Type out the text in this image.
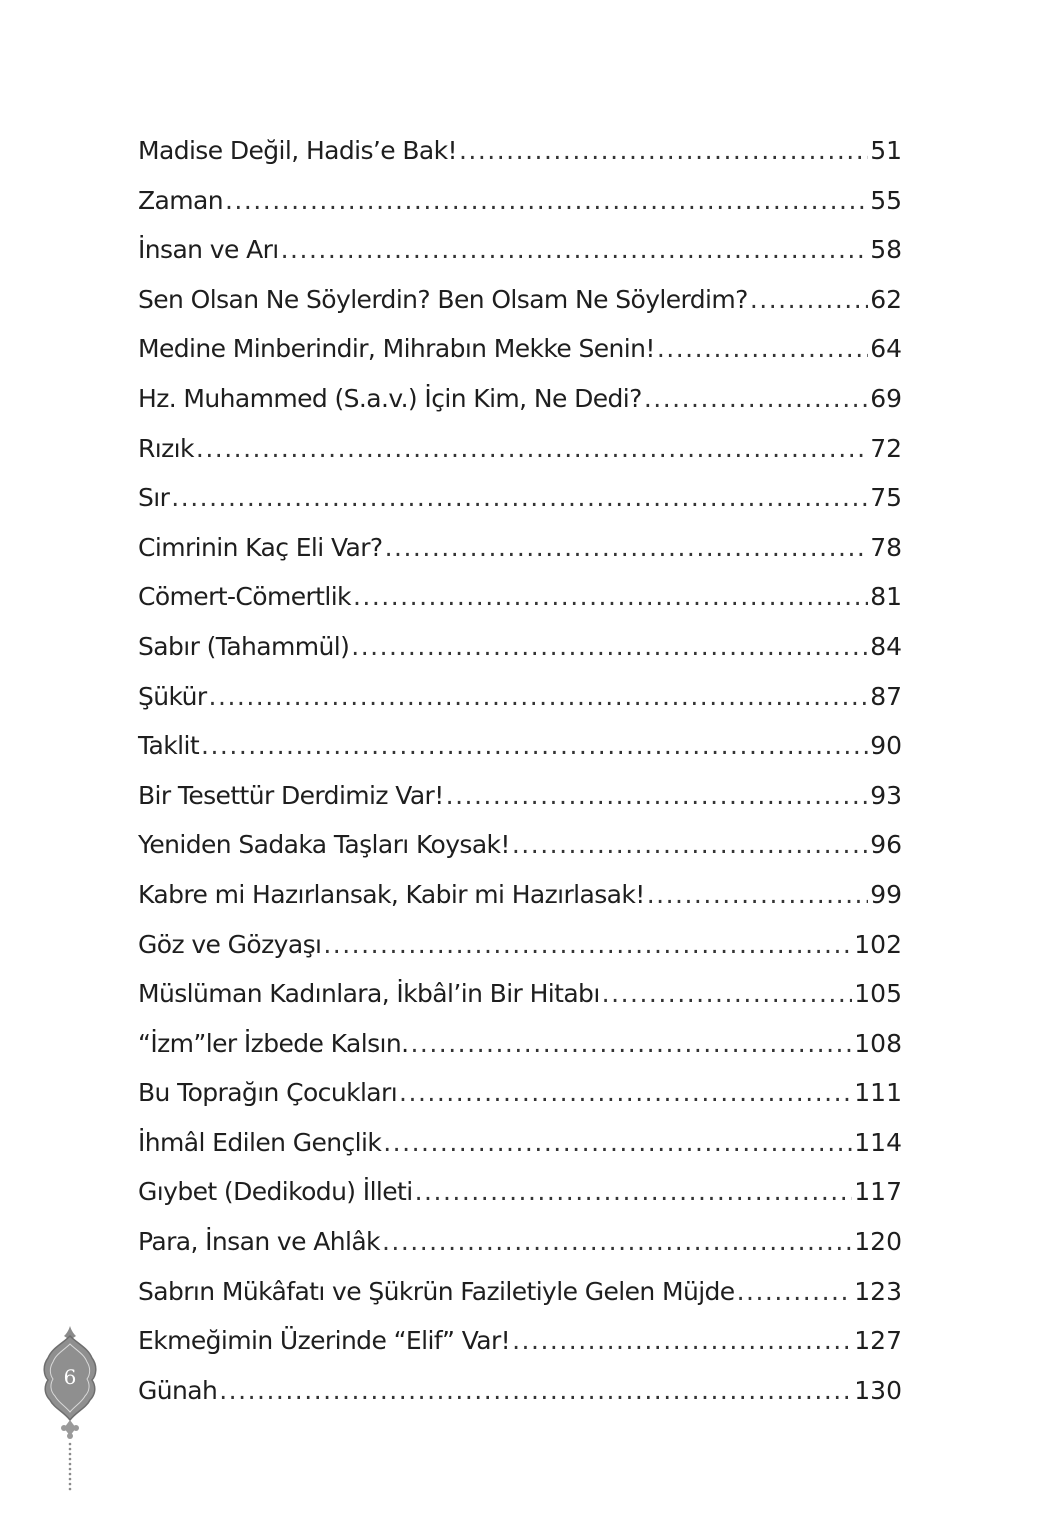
Madise Değil, Hadis’e Bak! .....	51
Zaman .....	55
İnsan ve Arı .....	58
Sen Olsan Ne Söylerdin? Ben Olsam Ne Söylerdim? .....	62
Medine Minberindir, Mihrabın Mekke Senin! .....	64
Hz. Muhammed (S.a.v.) İçin Kim, Ne Dedi? .....	69
Rızık .....	72
Sır .....	75
Cimrinin Kaç Eli Var? .....	78
Cömert-Cömertlik .....	81
Sabır (Tahammül) .....	84
Şükür .....	87
Taklit .....	90
Bir Tesettür Derdimiz Var! .....	93
Yeniden Sadaka Taşları Koysak! .....	96
Kabre mi Hazırlansak, Kabir mi Hazırlasak! .....	99
Göz ve Gözyaşı .....	102
Müslüman Kadınlara, İkbâl’in Bir Hitabı .....	105
“İzm”ler İzbede Kalsın. .....	108
Bu Toprağın Çocukları .....	111
İhmâl Edilen Gençlik .....	114
Gıybet (Dedikodu) İlleti .....	117
Para, İnsan ve Ahlâk .....	120
Sabrın Mükâfatı ve Şükrün Faziletiyle Gelen Müjde .....	123
Ekmeğimin Üzerinde “Elif” Var! .....	127
Günah .....	130
6
